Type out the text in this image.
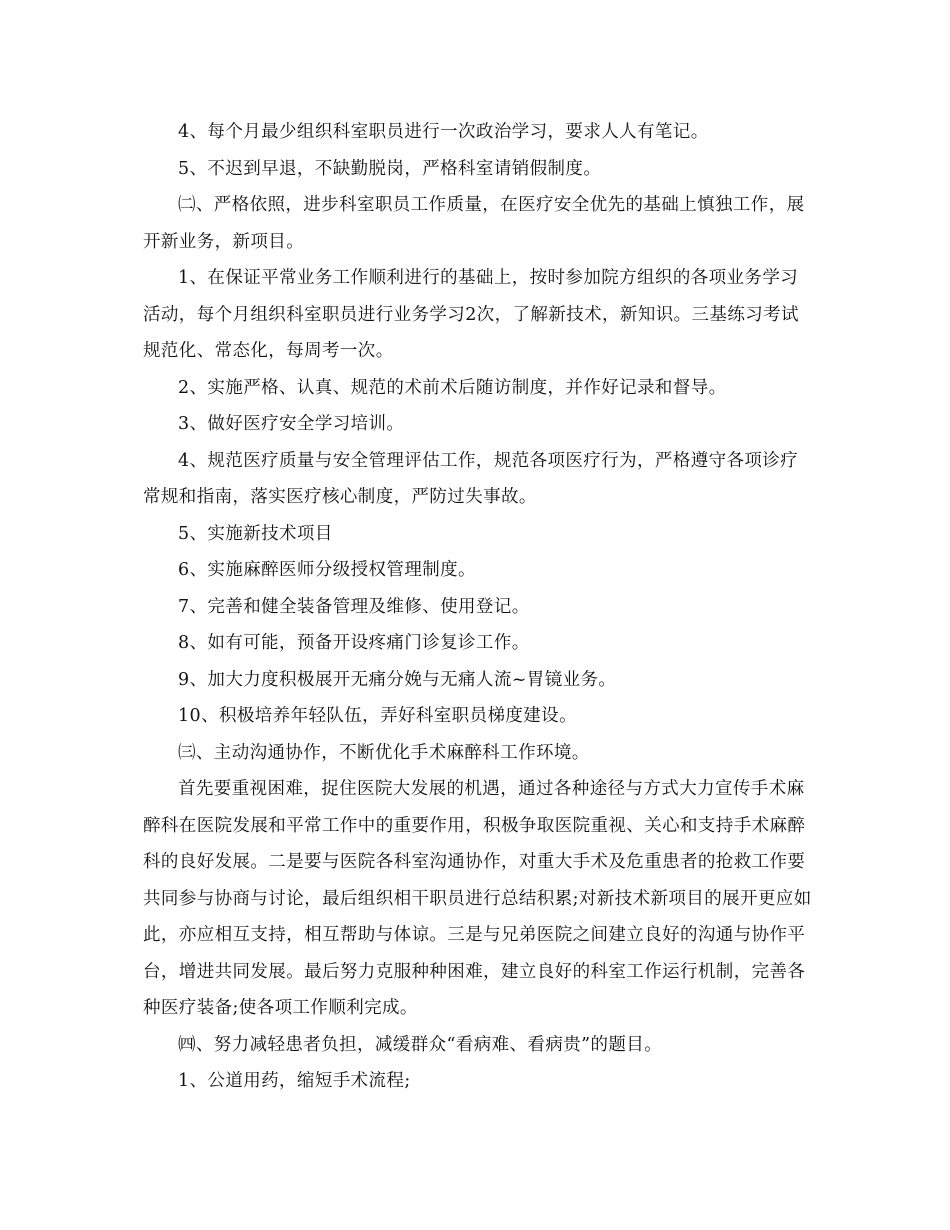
4、每个月最少组织科室职员进行一次政治学习，要求人人有笔记。

5、不迟到早退，不缺勤脱岗，严格科室请销假制度。

㈡、严格依照，进步科室职员工作质量，在医疗安全优先的基础上慎独工作，展开新业务，新项目。

1、在保证平常业务工作顺利进行的基础上，按时参加院方组织的各项业务学习活动，每个月组织科室职员进行业务学习2次，了解新技术，新知识。三基练习考试规范化、常态化，每周考一次。

2、实施严格、认真、规范的术前术后随访制度，并作好记录和督导。

3、做好医疗安全学习培训。

4、规范医疗质量与安全管理评估工作，规范各项医疗行为，严格遵守各项诊疗常规和指南，落实医疗核心制度，严防过失事故。

5、实施新技术项目

6、实施麻醉医师分级授权管理制度。

7、完善和健全装备管理及维修、使用登记。

8、如有可能，预备开设疼痛门诊复诊工作。

9、加大力度积极展开无痛分娩与无痛人流~胃镜业务。

10、积极培养年轻队伍，弄好科室职员梯度建设。

㈢、主动沟通协作，不断优化手术麻醉科工作环境。

首先要重视困难，捉住医院大发展的机遇，通过各种途径与方式大力宣传手术麻醉科在医院发展和平常工作中的重要作用，积极争取医院重视、关心和支持手术麻醉科的良好发展。二是要与医院各科室沟通协作，对重大手术及危重患者的抢救工作要共同参与协商与讨论，最后组织相干职员进行总结积累;对新技术新项目的展开更应如此，亦应相互支持，相互帮助与体谅。三是与兄弟医院之间建立良好的沟通与协作平台，增进共同发展。最后努力克服种种困难，建立良好的科室工作运行机制，完善各种医疗装备;使各项工作顺利完成。

㈣、努力减轻患者负担，减缓群众“看病难、看病贵”的题目。

1、公道用药，缩短手术流程;
